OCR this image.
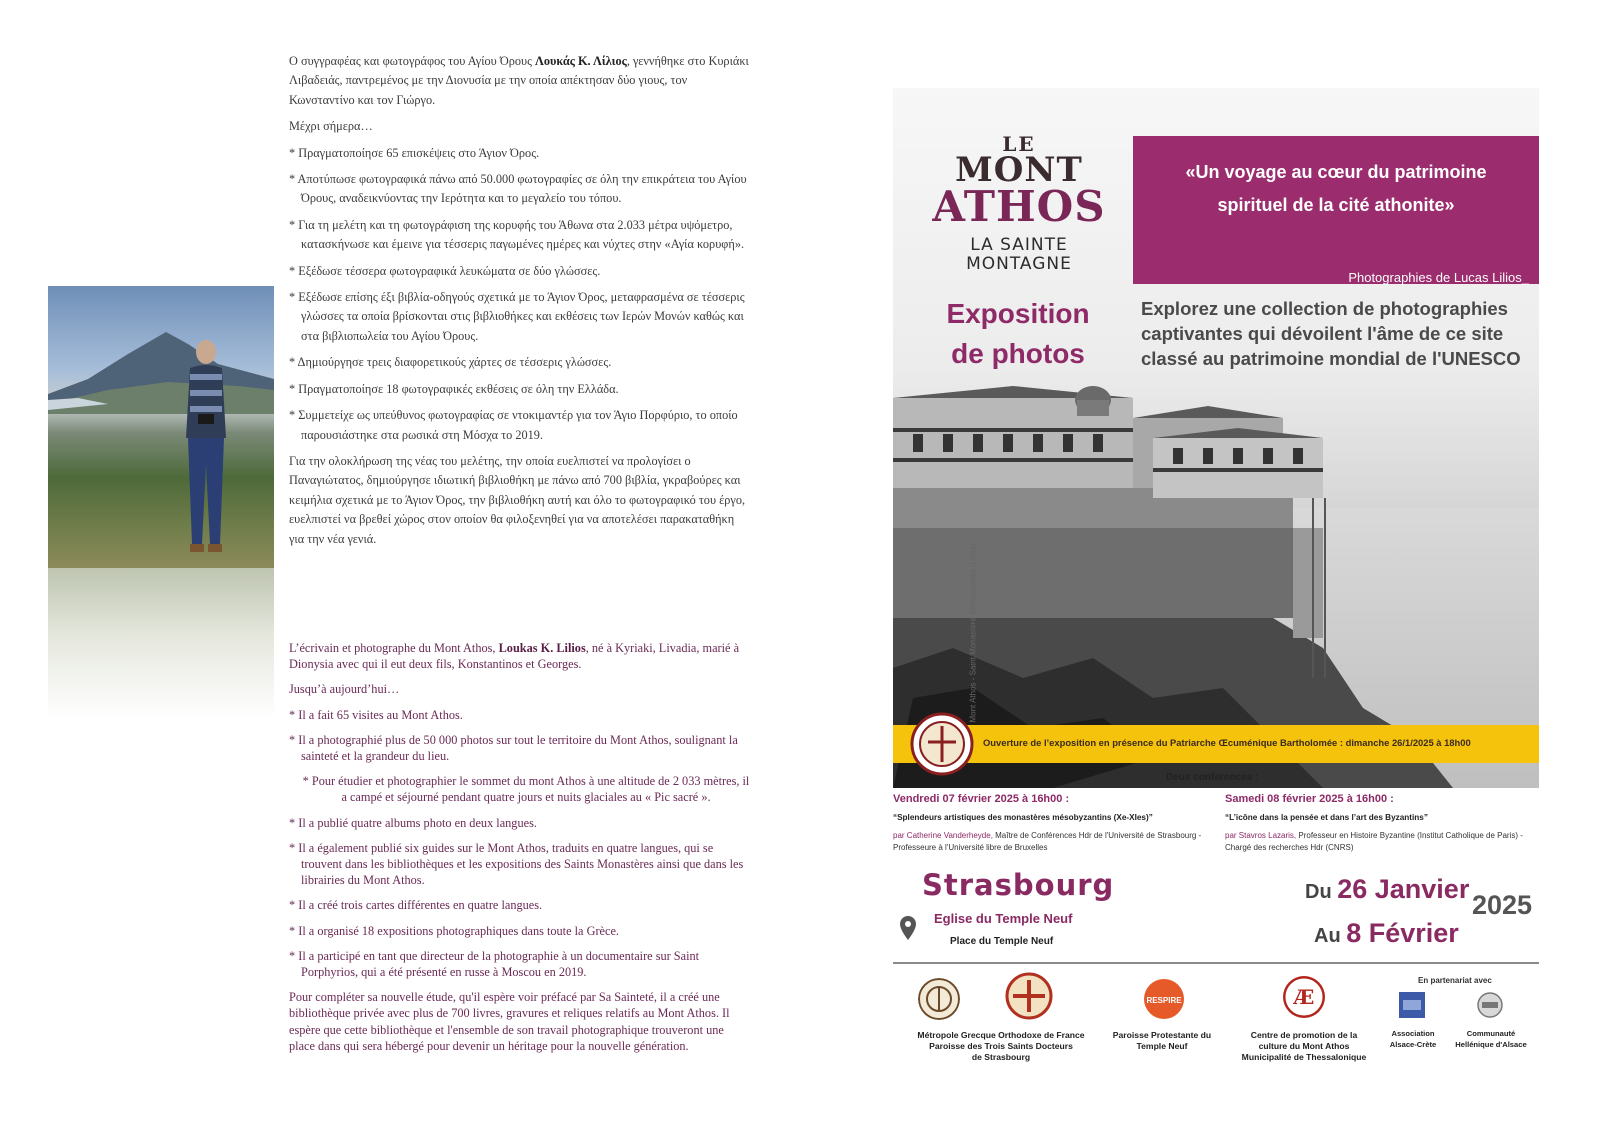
Ο συγγραφέας και φωτογράφος του Αγίου Όρους Λουκάς Κ. Λίλιος, γεννήθηκε στο Κυριάκι Λιβαδειάς, παντρεμένος με την Διονυσία με την οποία απέκτησαν δύο γιους, τον Κωνσταντίνο και τον Γιώργο.

Μέχρι σήμερα…

* Πραγματοποίησε 65 επισκέψεις στο Άγιον Όρος.

* Αποτύπωσε φωτογραφικά πάνω από 50.000 φωτογραφίες σε όλη την επικράτεια του Αγίου Όρους, αναδεικνύοντας την Ιερότητα και το μεγαλείο του τόπου.

* Για τη μελέτη και τη φωτογράφιση της κορυφής του Άθωνα στα 2.033 μέτρα υψόμετρο, κατασκήνωσε και έμεινε για τέσσερις παγωμένες ημέρες και νύχτες στην «Αγία κορυφή».

* Εξέδωσε τέσσερα φωτογραφικά λευκώματα σε δύο γλώσσες.

* Εξέδωσε επίσης έξι βιβλία-οδηγούς σχετικά με το Άγιον Όρος, μεταφρασμένα σε τέσσερις γλώσσες τα οποία βρίσκονται στις βιβλιοθήκες και εκθέσεις των Ιερών Μονών καθώς και στα βιβλιοπωλεία του Αγίου Όρους.

* Δημιούργησε τρεις διαφορετικούς χάρτες σε τέσσερις γλώσσες.

* Πραγματοποίησε 18 φωτογραφικές εκθέσεις σε όλη την Ελλάδα.

* Συμμετείχε ως υπεύθυνος φωτογραφίας σε ντοκιμαντέρ για τον Άγιο Πορφύριο, το οποίο παρουσιάστηκε στα ρωσικά στη Μόσχα το 2019.

Για την ολοκλήρωση της νέας του μελέτης, την οποία ευελπιστεί να προλογίσει ο Παναγιώτατος, δημιούργησε ιδιωτική βιβλιοθήκη με πάνω από 700 βιβλία, γκραβούρες και κειμήλια σχετικά με το Άγιον Όρος, την βιβλιοθήκη αυτή και όλο το φωτογραφικό του έργο, ευελπιστεί να βρεθεί χώρος στον οποίον θα φιλοξενηθεί για να αποτελέσει παρακαταθήκη για την νέα γενιά.

L’écrivain et photographe du Mont Athos, Loukas K. Lilios, né à Kyriaki, Livadia, marié à Dionysia avec qui il eut deux fils, Konstantinos et Georges.

Jusqu’à aujourd’hui…

* Il a fait 65 visites au Mont Athos.

* Il a photographié plus de 50 000 photos sur tout le territoire du Mont Athos, soulignant la sainteté et la grandeur du lieu.

* Pour étudier et photographier le sommet du mont Athos à une altitude de 2 033 mètres, il a campé et séjourné pendant quatre jours et nuits glaciales au « Pic sacré ».

* Il a publié quatre albums photo en deux langues.

* Il a également publié six guides sur le Mont Athos, traduits en quatre langues, qui se trouvent dans les bibliothèques et les expositions des Saints Monastères ainsi que dans les librairies du Mont Athos.

* Il a créé trois cartes différentes en quatre langues.

* Il a organisé 18 expositions photographiques dans toute la Grèce.

* Il a participé en tant que directeur de la photographie à un documentaire sur Saint Porphyrios, qui a été présenté en russe à Moscou en 2019.

Pour compléter sa nouvelle étude, qu'il espère voir préfacé par Sa Sainteté, il a créé une bibliothèque privée avec plus de 700 livres, gravures et reliques relatifs au Mont Athos. Il espère que cette bibliothèque et l'ensemble de son travail photographique trouveront une place dans qui sera hébergé pour devenir un héritage pour la nouvelle génération.

LE
MONT
ATHOS
LA SAINTE
MONTAGNE
Exposition
de photos
«Un voyage au cœur du patrimoine
spirituel de la cité athonite»
Photographies de Lucas Lilios_
Explorez une collection de photographies captivantes qui dévoilent l'âme de ce site classé au patrimoine mondial de l'UNESCO
Mont Athos - Saint Monastère Simonopetra (Lilios)
Ouverture de l’exposition en présence du Patriarche Œcuménique Bartholomée : dimanche 26/1/2025 à 18h00
Deux conferences :
Vendredi 07 février 2025 à 16h00 :
“Splendeurs artistiques des monastères mésobyzantins (Xe-XIes)”
par Catherine Vanderheyde, Maître de Conférences Hdr de l'Université de Strasbourg - Professeure à l'Université libre de Bruxelles
Samedi 08 février 2025 à 16h00 :
“L’icône dans la pensée et dans l’art des Byzantins”
par Stavros Lazaris, Professeur en Histoire Byzantine (Institut Catholique de Paris) - Chargé des recherches Hdr (CNRS)
Strasbourg
Eglise du Temple Neuf
Place du Temple Neuf
Du 26 Janvier
Au 8 Février
2025
RESPIRE	Æ
En partenariat avec
Métropole Grecque Orthodoxe de France
Paroisse des Trois Saints Docteurs
de Strasbourg
Paroisse Protestante du
Temple Neuf
Centre de promotion de la
culture du Mont Athos
Municipalité de Thessalonique
Association
Alsace-Crète
Communauté
Hellénique d'Alsace
